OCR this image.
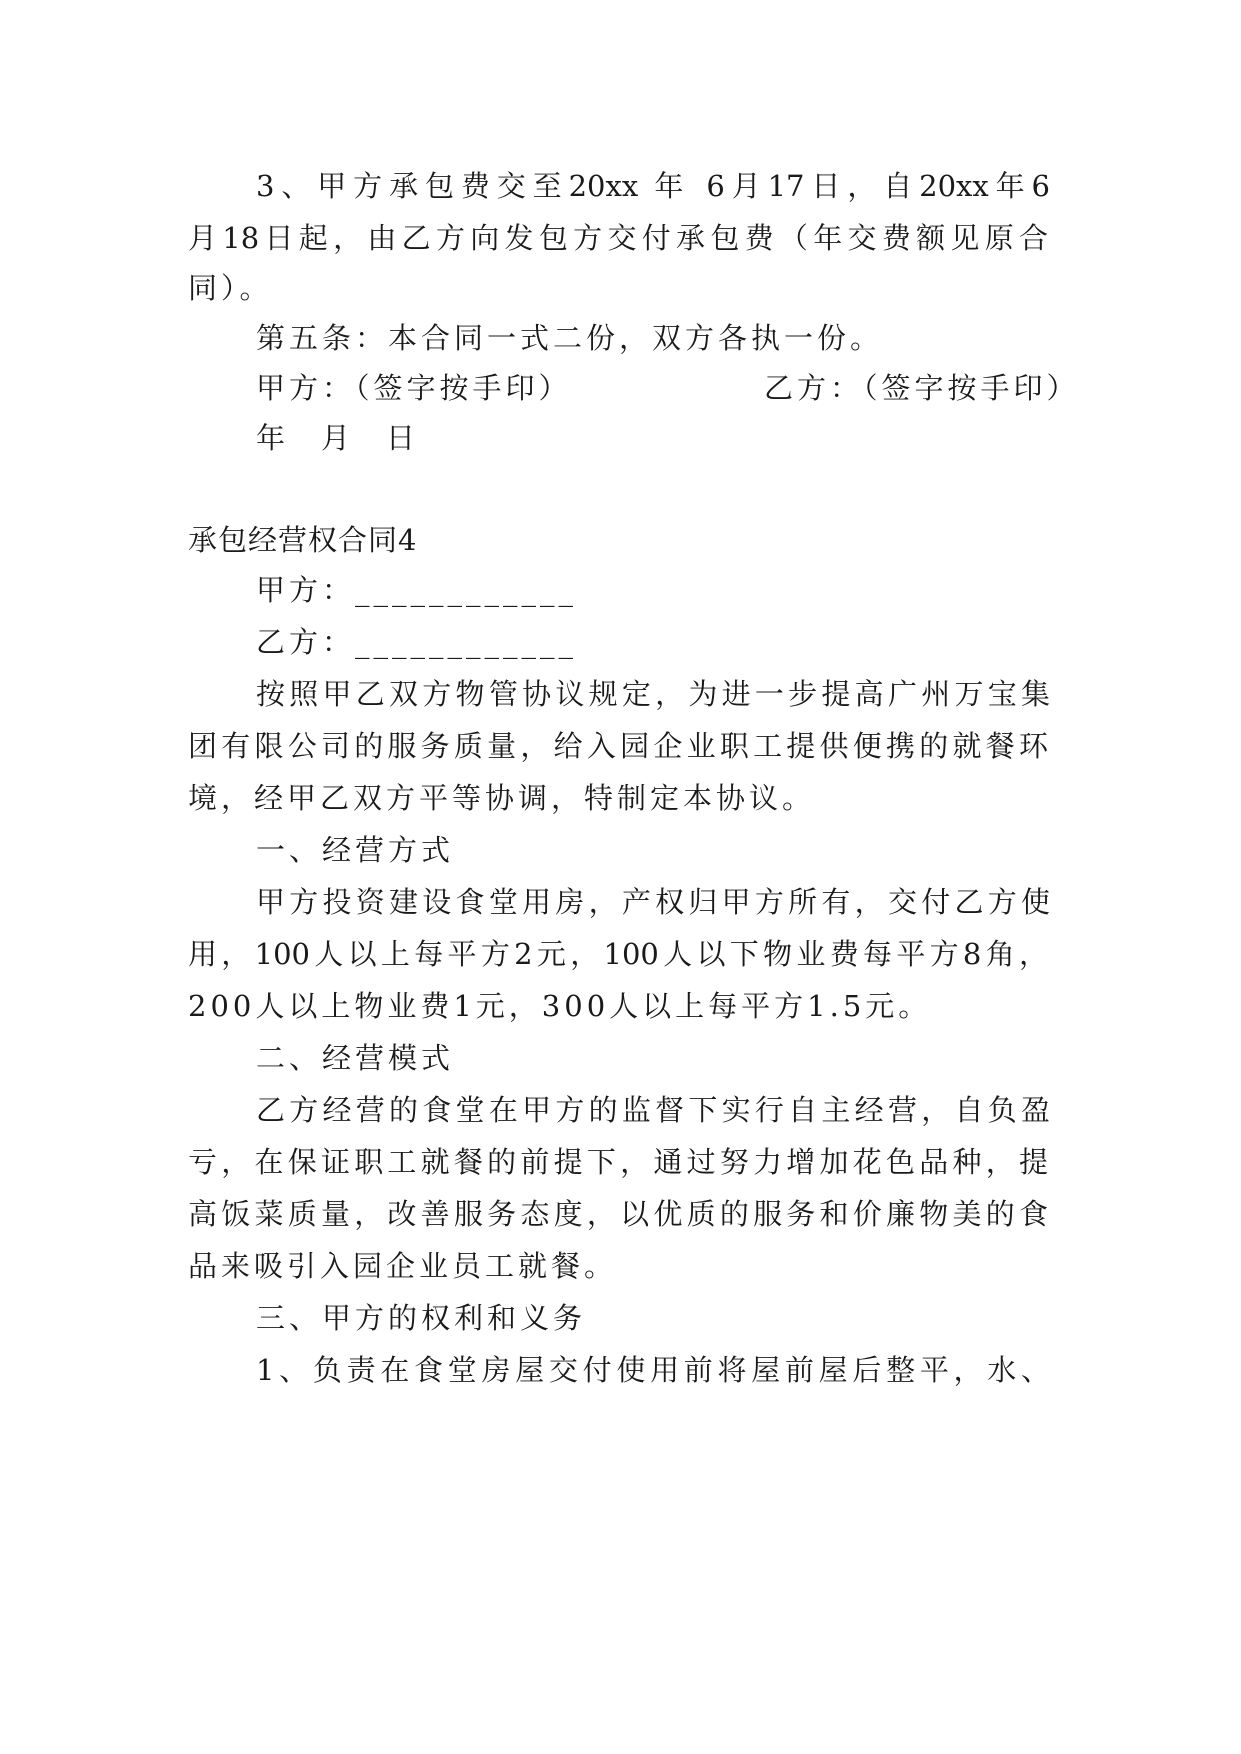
3、甲方承包费交至20xx 年 6月17日，自20xx年6
月18日起，由乙方向发包方交付承包费（年交费额见原合
同）。
第五条：本合同一式二份，双方各执一份。
甲方：（签字按手印）	乙方：（签字按手印）
年 月 日
承包经营权合同4
甲方：____________
乙方：____________
按照甲乙双方物管协议规定，为进一步提高广州万宝集
团有限公司的服务质量，给入园企业职工提供便携的就餐环
境，经甲乙双方平等协调，特制定本协议。
一、经营方式
甲方投资建设食堂用房，产权归甲方所有，交付乙方使
用，100人以上每平方2元，100人以下物业费每平方8角，
200人以上物业费1元，300人以上每平方1.5元。
二、经营模式
乙方经营的食堂在甲方的监督下实行自主经营，自负盈
亏，在保证职工就餐的前提下，通过努力增加花色品种，提
高饭菜质量，改善服务态度，以优质的服务和价廉物美的食
品来吸引入园企业员工就餐。
三、甲方的权利和义务
1、负责在食堂房屋交付使用前将屋前屋后整平，水、
